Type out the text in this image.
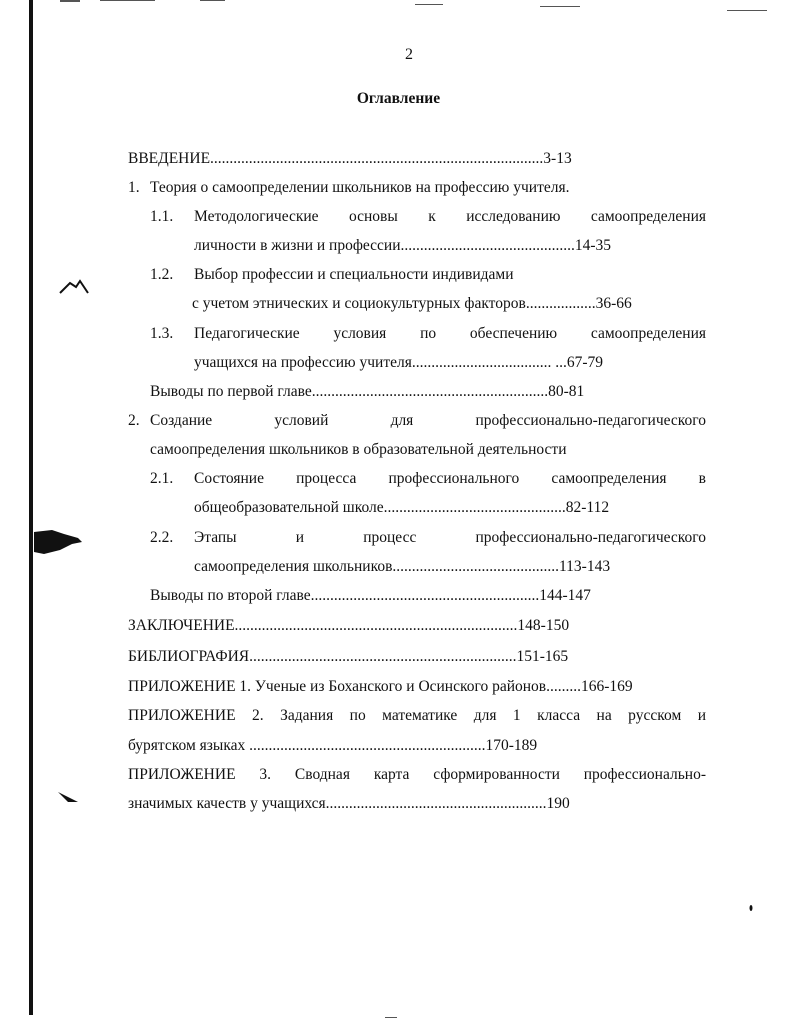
2
Оглавление
ВВЕДЕНИЕ......................................................................................3-13
1. Теория о самоопределении школьников на профессию учителя.
1.1. Методологические основы к исследованию самоопределения
личности в жизни и профессии.............................................14-35
1.2. Выбор профессии и специальности индивидами
с учетом этнических и социокультурных факторов..................36-66
1.3. Педагогические условия по обеспечению самоопределения
учащихся на профессию учителя.................................... ...67-79
Выводы по первой главе.............................................................80-81
2. Создание условий для профессионально-педагогического
самоопределения школьников в образовательной деятельности
2.1. Состояние процесса профессионального самоопределения в
общеобразовательной школе...............................................82-112
2.2. Этапы и процесс профессионально-педагогического
самоопределения школьников...........................................113-143
Выводы по второй главе...........................................................144-147
ЗАКЛЮЧЕНИЕ.........................................................................148-150
БИБЛИОГРАФИЯ.....................................................................151-165
ПРИЛОЖЕНИЕ 1. Ученые из Боханского и Осинского районов.........166-169
ПРИЛОЖЕНИЕ 2. Задания по математике для 1 класса на русском и
бурятском языках .............................................................170-189
ПРИЛОЖЕНИЕ 3. Сводная карта сформированности профессионально-
значимых качеств у учащихся.........................................................190
